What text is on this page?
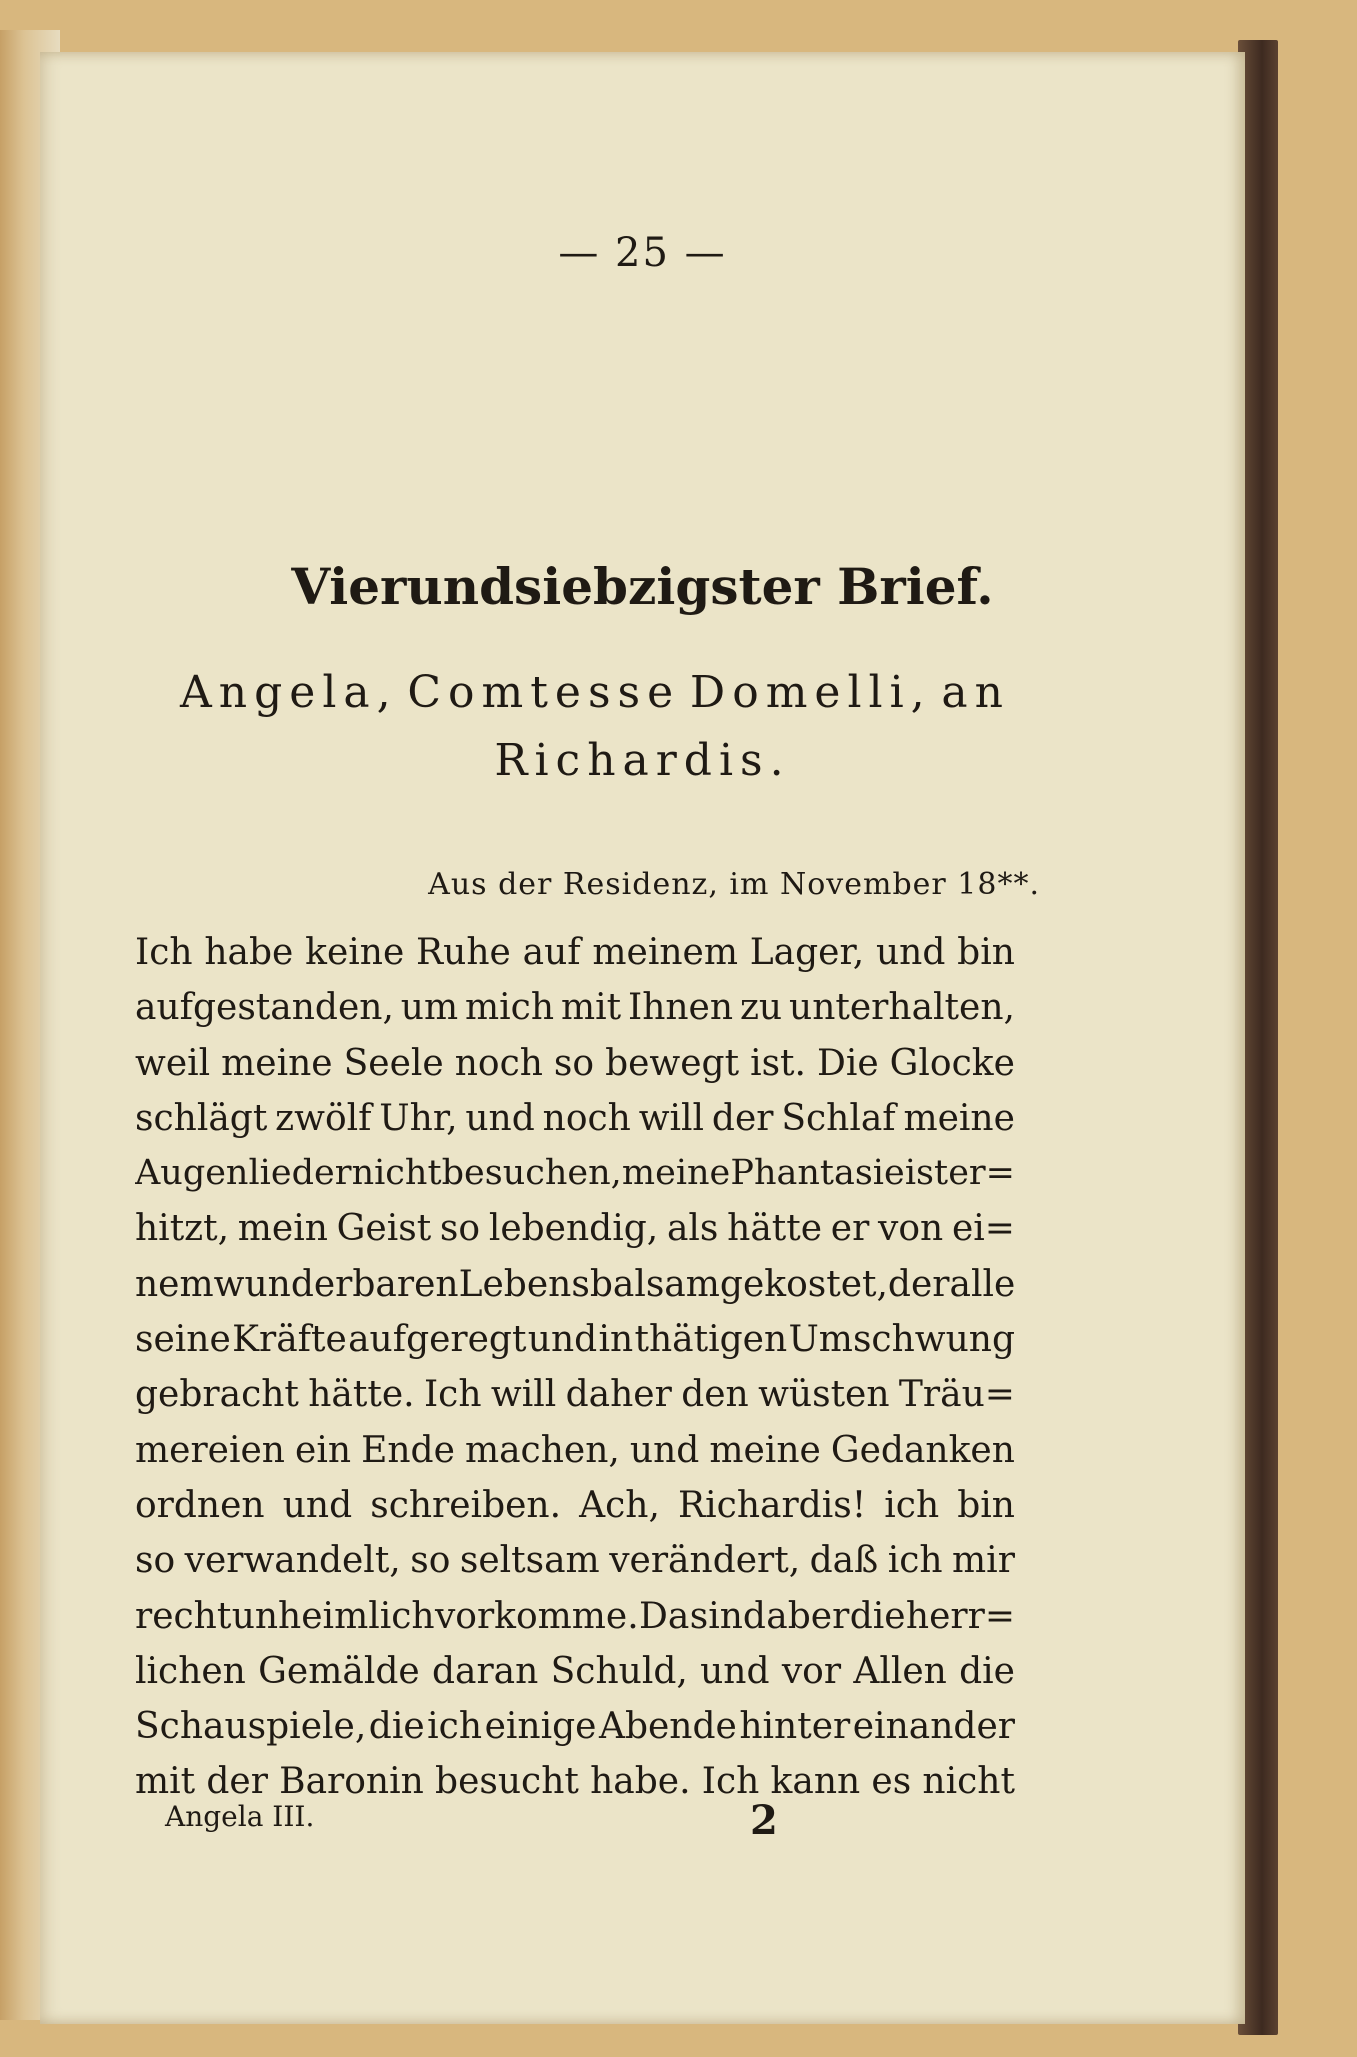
— 25 —
Vierundsiebzigster Brief.
Angela, Comtesse Domelli, an
Richardis.
Aus der Residenz, im November 18**.
Ich habe keine Ruhe auf meinem Lager, und bin
aufgestanden, um mich mit Ihnen zu unterhalten,
weil meine Seele noch so bewegt ist. Die Glocke
schlägt zwölf Uhr, und noch will der Schlaf meine
Augenlieder nicht besuchen, meine Phantasie ist er=
hitzt, mein Geist so lebendig, als hätte er von ei=
nem wunderbaren Lebensbalsam gekostet, der alle
seine Kräfte aufgeregt und in thätigen Umschwung
gebracht hätte. Ich will daher den wüsten Träu=
mereien ein Ende machen, und meine Gedanken
ordnen und schreiben. Ach, Richardis! ich bin
so verwandelt, so seltsam verändert, daß ich mir
recht unheimlich vorkomme. Da sind aber die herr=
lichen Gemälde daran Schuld, und vor Allen die
Schauspiele, die ich einige Abende hinter einander
mit der Baronin besucht habe. Ich kann es nicht
Angela III.	2
